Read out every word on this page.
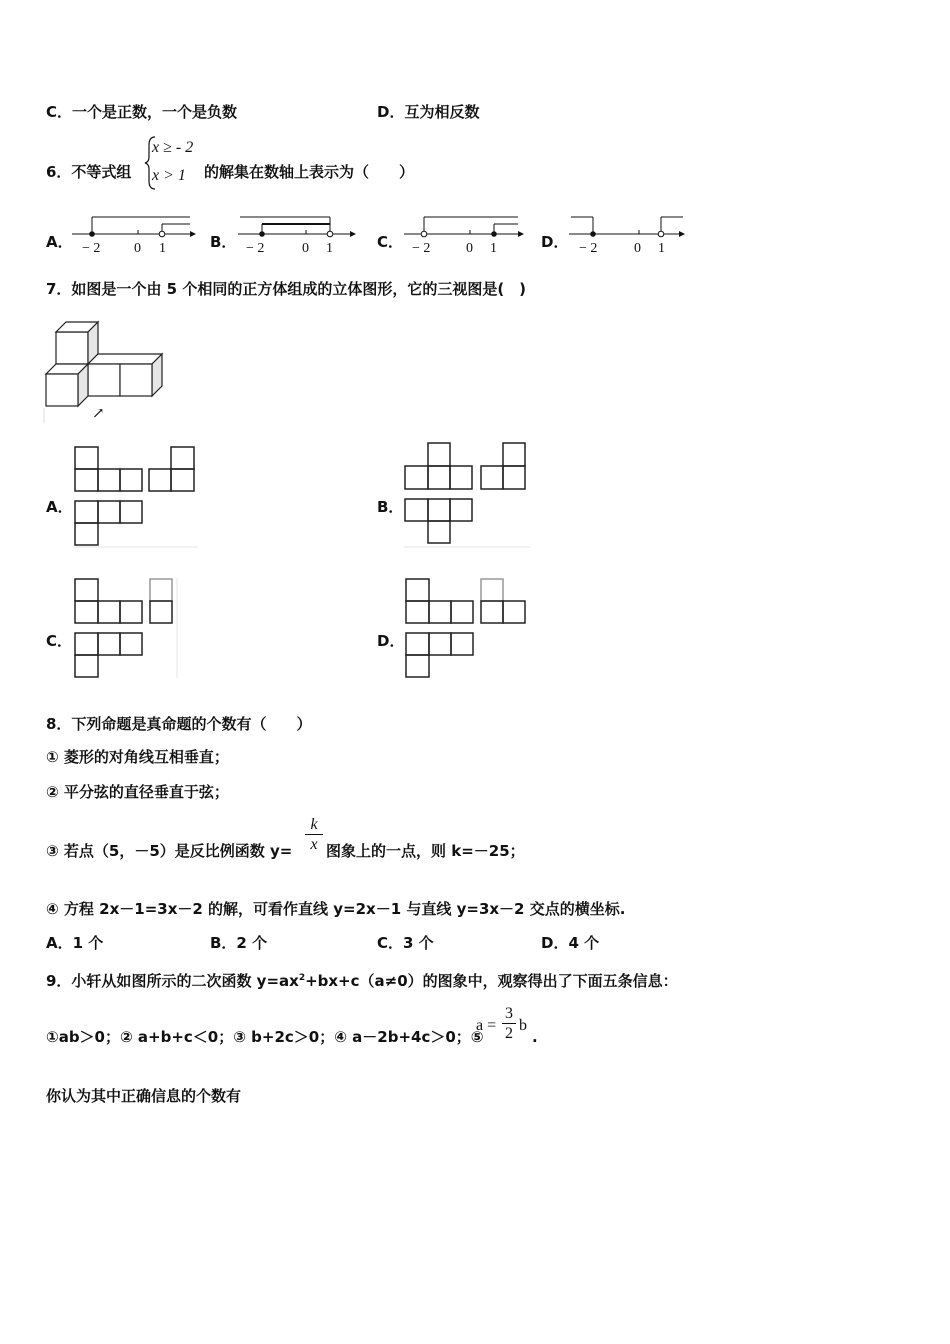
C．一个是正数，一个是负数	D．互为相反数
6．不等式组
x ≥ - 2
x > 1 的解集在数轴上表示为（　　）
A．	B．	C．	D．
− 2 0 1	− 2	0 1	− 2	0 1	− 2	0 1
7．如图是一个由 5 个相同的正方体组成的立体图形，它的三视图是(　)
↗
A．	B．
C．	D．
8．下列命题是真命题的个数有（　　）
① 菱形的对角线互相垂直；
② 平分弦的直径垂直于弦；
③ 若点（5，－5）是反比例函数 $y= \frac{k}{x}$ 图象上的一点，则 k=－25；
④ 方程 2x－1=3x－2 的解，可看作直线 y=2x－1 与直线 y=3x－2 交点的横坐标.
A．1 个	B．2 个	C．3 个	D．4 个
9．小轩从如图所示的二次函数 $y=ax^2+bx+c(a\ne 0)$的图象中，观察得出了下面五条信息：
①ab＞0；② a+b+c＜0；③ b+2c＞0；④ a－2b+4c＞0；⑤
$a = \frac{3}{2}$ b
.
你认为其中正确信息的个数有
